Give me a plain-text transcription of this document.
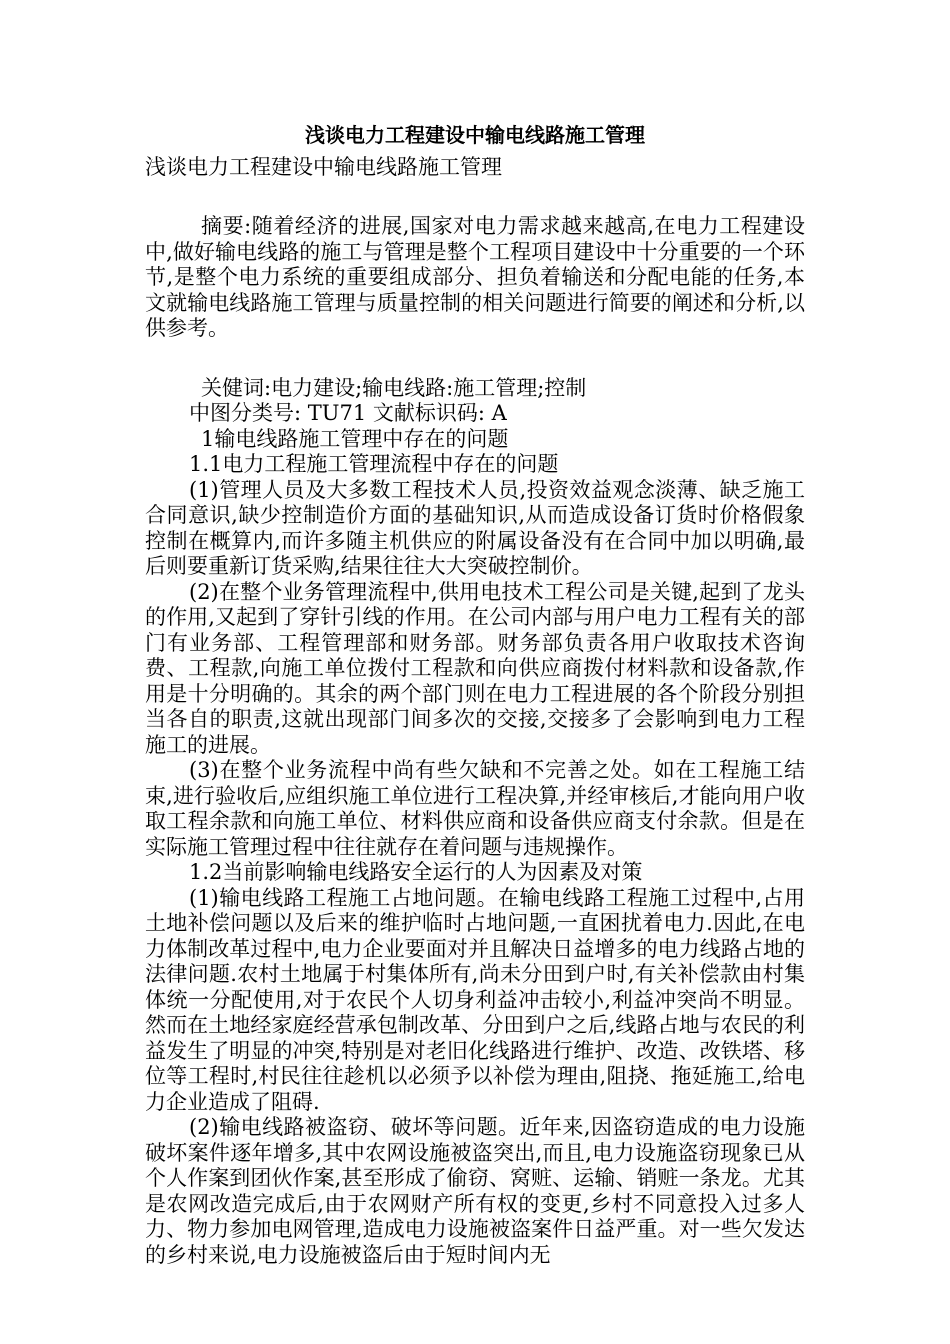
浅谈电力工程建设中输电线路施工管理

浅谈电力工程建设中输电线路施工管理

摘要:随着经济的进展,国家对电力需求越来越高,在电力工程建设中,做好输电线路的施工与管理是整个工程项目建设中十分重要的一个环节,是整个电力系统的重要组成部分、担负着输送和分配电能的任务,本文就输电线路施工管理与质量控制的相关问题进行简要的阐述和分析,以供参考。

关健词:电力建设;输电线路:施工管理;控制

中图分类号: TU71 文献标识码: A

1输电线路施工管理中存在的问题

1.1电力工程施工管理流程中存在的问题

(1)管理人员及大多数工程技术人员,投资效益观念淡薄、缺乏施工合同意识,缺少控制造价方面的基础知识,从而造成设备订货时价格假象控制在概算内,而许多随主机供应的附属设备没有在合同中加以明确,最后则要重新订货采购,结果往往大大突破控制价。

(2)在整个业务管理流程中,供用电技术工程公司是关键,起到了龙头的作用,又起到了穿针引线的作用。在公司内部与用户电力工程有关的部门有业务部、工程管理部和财务部。财务部负责各用户收取技术咨询费、工程款,向施工单位拨付工程款和向供应商拨付材料款和设备款,作用是十分明确的。其余的两个部门则在电力工程进展的各个阶段分别担当各自的职责,这就出现部门间多次的交接,交接多了会影响到电力工程施工的进展。

(3)在整个业务流程中尚有些欠缺和不完善之处。如在工程施工结束,进行验收后,应组织施工单位进行工程决算,并经审核后,才能向用户收取工程余款和向施工单位、材料供应商和设备供应商支付余款。但是在实际施工管理过程中往往就存在着问题与违规操作。

1.2当前影响输电线路安全运行的人为因素及对策

(1)输电线路工程施工占地问题。在输电线路工程施工过程中,占用土地补偿问题以及后来的维护临时占地问题,一直困扰着电力.因此,在电力体制改革过程中,电力企业要面对并且解决日益增多的电力线路占地的法律问题.农村土地属于村集体所有,尚未分田到户时,有关补偿款由村集体统一分配使用,对于农民个人切身利益冲击较小,利益冲突尚不明显。然而在土地经家庭经营承包制改革、分田到户之后,线路占地与农民的利益发生了明显的冲突,特别是对老旧化线路进行维护、改造、改铁塔、移位等工程时,村民往往趁机以必须予以补偿为理由,阻挠、拖延施工,给电力企业造成了阻碍.

(2)输电线路被盗窃、破坏等问题。近年来,因盗窃造成的电力设施破坏案件逐年增多,其中农网设施被盗突出,而且,电力设施盗窃现象已从个人作案到团伙作案,甚至形成了偷窃、窝赃、运输、销赃一条龙。尤其是农网改造完成后,由于农网财产所有权的变更,乡村不同意投入过多人力、物力参加电网管理,造成电力设施被盗案件日益严重。对一些欠发达的乡村来说,电力设施被盗后由于短时间内无
